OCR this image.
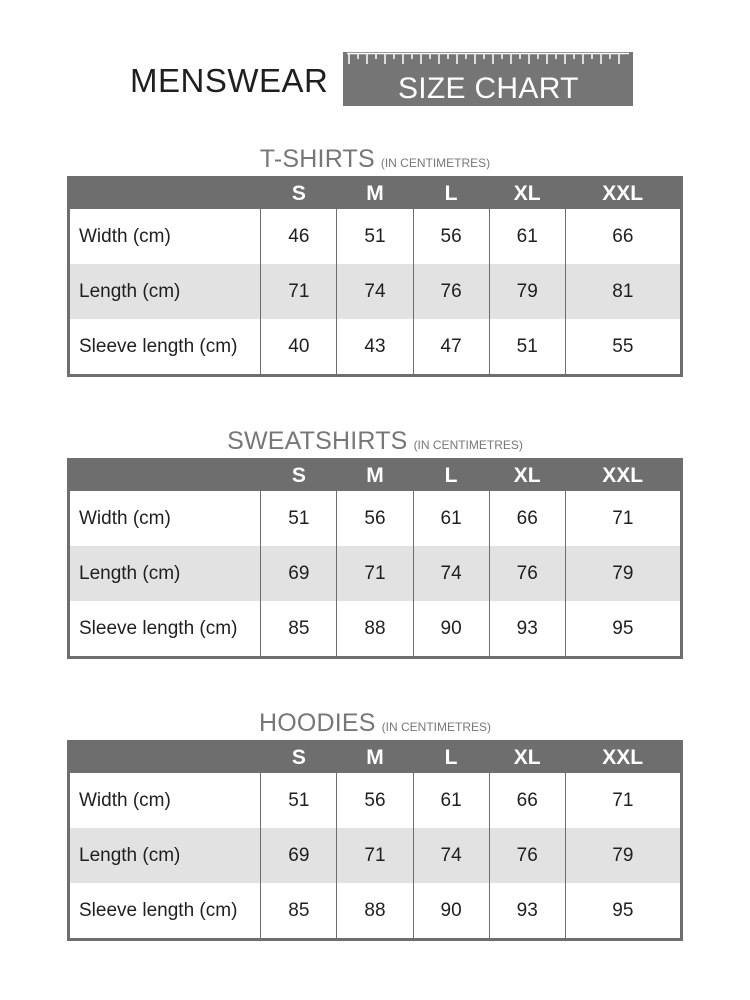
MENSWEAR	SIZE CHART
T-SHIRTS (IN CENTIMETRES)
	S	M	L	XL	XXL
Width (cm)	46	51	56	61	66
Length (cm)	71	74	76	79	81
Sleeve length (cm)	40	43	47	51	55
SWEATSHIRTS (IN CENTIMETRES)
	S	M	L	XL	XXL
Width (cm)	51	56	61	66	71
Length (cm)	69	71	74	76	79
Sleeve length (cm)	85	88	90	93	95
HOODIES (IN CENTIMETRES)
	S	M	L	XL	XXL
Width (cm)	51	56	61	66	71
Length (cm)	69	71	74	76	79
Sleeve length (cm)	85	88	90	93	95
